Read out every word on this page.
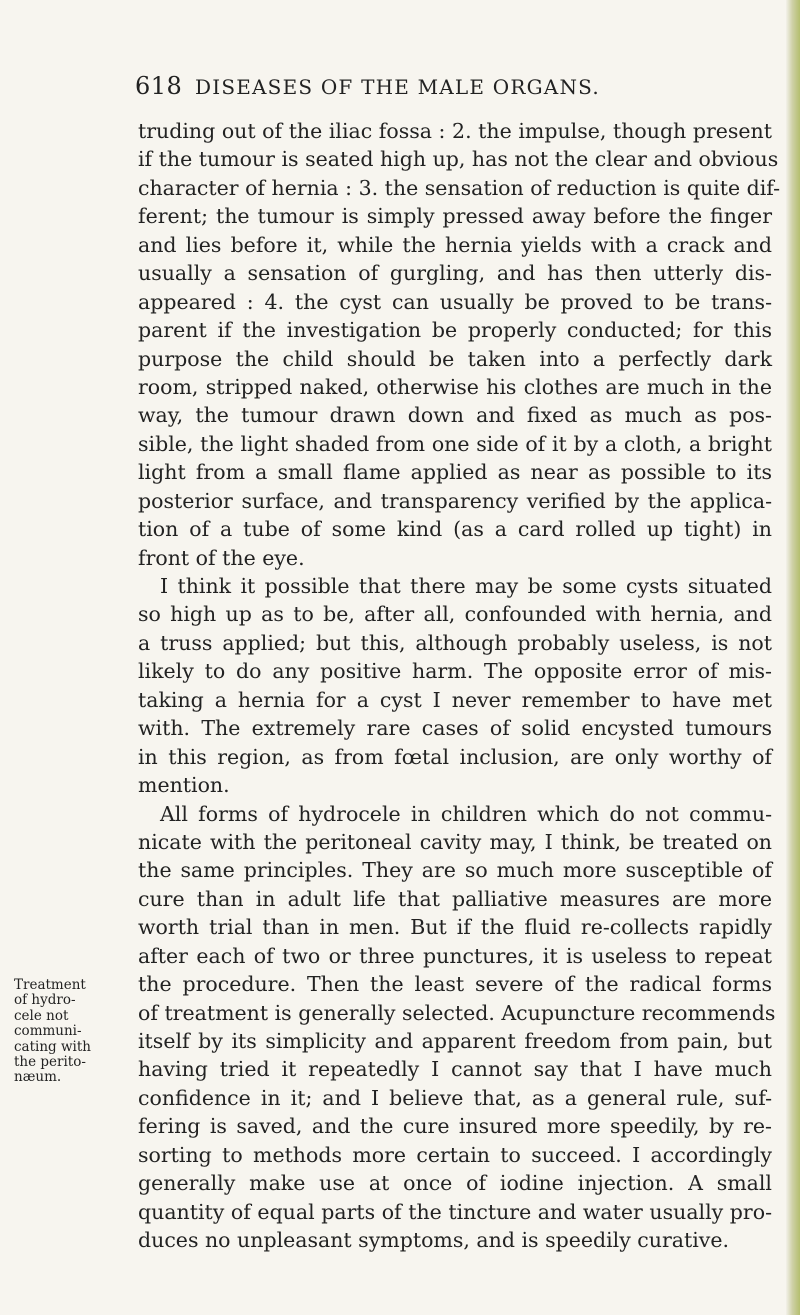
618 DISEASES OF THE MALE ORGANS.
Treatment
of hydro-
cele not
communi-
cating with
the perito-
næum.
truding out of the iliac fossa : 2. the impulse, though present
if the tumour is seated high up, has not the clear and obvious
character of hernia : 3. the sensation of reduction is quite dif-
ferent; the tumour is simply pressed away before the finger
and lies before it, while the hernia yields with a crack and
usually a sensation of gurgling, and has then utterly dis-
appeared : 4. the cyst can usually be proved to be trans-
parent if the investigation be properly conducted; for this
purpose the child should be taken into a perfectly dark
room, stripped naked, otherwise his clothes are much in the
way, the tumour drawn down and fixed as much as pos-
sible, the light shaded from one side of it by a cloth, a bright
light from a small flame applied as near as possible to its
posterior surface, and transparency verified by the applica-
tion of a tube of some kind (as a card rolled up tight) in
front of the eye.
I think it possible that there may be some cysts situated
so high up as to be, after all, confounded with hernia, and
a truss applied; but this, although probably useless, is not
likely to do any positive harm. The opposite error of mis-
taking a hernia for a cyst I never remember to have met
with. The extremely rare cases of solid encysted tumours
in this region, as from fœtal inclusion, are only worthy of
mention.
All forms of hydrocele in children which do not commu-
nicate with the peritoneal cavity may, I think, be treated on
the same principles. They are so much more susceptible of
cure than in adult life that palliative measures are more
worth trial than in men. But if the fluid re-collects rapidly
after each of two or three punctures, it is useless to repeat
the procedure. Then the least severe of the radical forms
of treatment is generally selected. Acupuncture recommends
itself by its simplicity and apparent freedom from pain, but
having tried it repeatedly I cannot say that I have much
confidence in it; and I believe that, as a general rule, suf-
fering is saved, and the cure insured more speedily, by re-
sorting to methods more certain to succeed. I accordingly
generally make use at once of iodine injection. A small
quantity of equal parts of the tincture and water usually pro-
duces no unpleasant symptoms, and is speedily curative.
